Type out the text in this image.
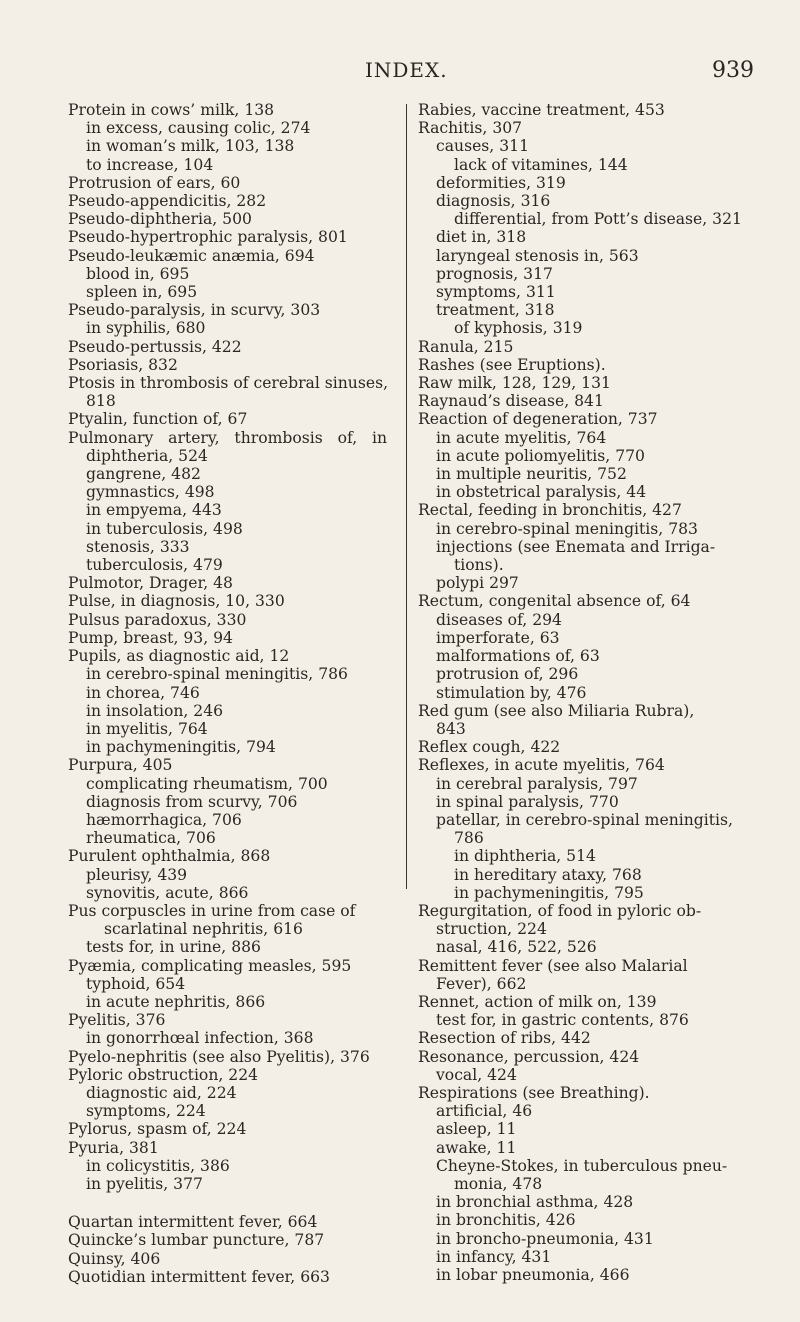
INDEX.	939
Protein in cows’ milk, 138
in excess, causing colic, 274
in woman’s milk, 103, 138
to increase, 104
Protrusion of ears, 60
Pseudo-appendicitis, 282
Pseudo-diphtheria, 500
Pseudo-hypertrophic paralysis, 801
Pseudo-leukæmic anæmia, 694
blood in, 695
spleen in, 695
Pseudo-paralysis, in scurvy, 303
in syphilis, 680
Pseudo-pertussis, 422
Psoriasis, 832
Ptosis in thrombosis of cerebral sinuses,
818
Ptyalin, function of, 67
Pulmonary   artery,   thrombosis   of,   in
diphtheria, 524
gangrene, 482
gymnastics, 498
in empyema, 443
in tuberculosis, 498
stenosis, 333
tuberculosis, 479
Pulmotor, Drager, 48
Pulse, in diagnosis, 10, 330
Pulsus paradoxus, 330
Pump, breast, 93, 94
Pupils, as diagnostic aid, 12
in cerebro-spinal meningitis, 786
in chorea, 746
in insolation, 246
in myelitis, 764
in pachymeningitis, 794
Purpura, 405
complicating rheumatism, 700
diagnosis from scurvy, 706
hæmorrhagica, 706
rheumatica, 706
Purulent ophthalmia, 868
pleurisy, 439
synovitis, acute, 866
Pus corpuscles in urine from case of
scarlatinal nephritis, 616
tests for, in urine, 886
Pyæmia, complicating measles, 595
typhoid, 654
in acute nephritis, 866
Pyelitis, 376
in gonorrhœal infection, 368
Pyelo-nephritis (see also Pyelitis), 376
Pyloric obstruction, 224
diagnostic aid, 224
symptoms, 224
Pylorus, spasm of, 224
Pyuria, 381
in colicystitis, 386
in pyelitis, 377
Quartan intermittent fever, 664
Quincke’s lumbar puncture, 787
Quinsy, 406
Quotidian intermittent fever, 663
Rabies, vaccine treatment, 453
Rachitis, 307
causes, 311
lack of vitamines, 144
deformities, 319
diagnosis, 316
differential, from Pott’s disease, 321
diet in, 318
laryngeal stenosis in, 563
prognosis, 317
symptoms, 311
treatment, 318
of kyphosis, 319
Ranula, 215
Rashes (see Eruptions).
Raw milk, 128, 129, 131
Raynaud’s disease, 841
Reaction of degeneration, 737
in acute myelitis, 764
in acute poliomyelitis, 770
in multiple neuritis, 752
in obstetrical paralysis, 44
Rectal, feeding in bronchitis, 427
in cerebro-spinal meningitis, 783
injections (see Enemata and Irriga-
tions).
polypi 297
Rectum, congenital absence of, 64
diseases of, 294
imperforate, 63
malformations of, 63
protrusion of, 296
stimulation by, 476
Red gum (see also Miliaria Rubra),
843
Reflex cough, 422
Reflexes, in acute myelitis, 764
in cerebral paralysis, 797
in spinal paralysis, 770
patellar, in cerebro-spinal meningitis,
786
in diphtheria, 514
in hereditary ataxy, 768
in pachymeningitis, 795
Regurgitation, of food in pyloric ob-
struction, 224
nasal, 416, 522, 526
Remittent fever (see also Malarial
Fever), 662
Rennet, action of milk on, 139
test for, in gastric contents, 876
Resection of ribs, 442
Resonance, percussion, 424
vocal, 424
Respirations (see Breathing).
artificial, 46
asleep, 11
awake, 11
Cheyne-Stokes, in tuberculous pneu-
monia, 478
in bronchial asthma, 428
in bronchitis, 426
in broncho-pneumonia, 431
in infancy, 431
in lobar pneumonia, 466
